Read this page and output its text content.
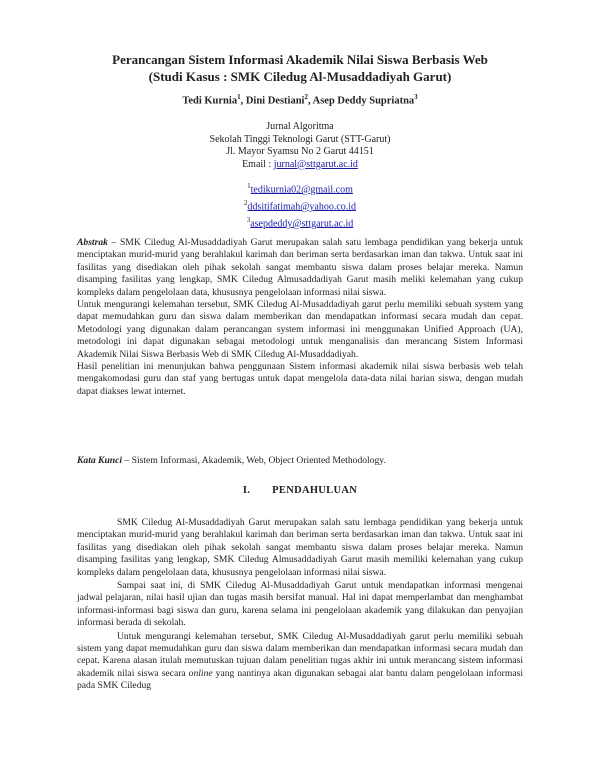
Perancangan Sistem Informasi Akademik Nilai Siswa Berbasis Web
(Studi Kasus : SMK Ciledug Al-Musaddadiyah Garut)
Tedi Kurnia$^1$, Dini Destiani$^2$, Asep Deddy Supriatna$^3$
Jurnal Algoritma
Sekolah Tinggi Teknologi Garut (STT-Garut)
Jl. Mayor Syamsu No 2 Garut 44151
Email : jurnal@sttgarut.ac.id
$^1$tedikurnia02@gmail.com
$^2$ddsitifatimah@yahoo.co.id
$^3$asepdeddy@sttgarut.ac.id

Abstrak – SMK Ciledug Al-Musaddadiyah Garut merupakan salah satu lembaga pendidikan yang bekerja untuk menciptakan murid-murid yang berahlakul karimah dan beriman serta berdasarkan iman dan takwa. Untuk saat ini fasilitas yang disediakan oleh pihak sekolah sangat membantu siswa dalam proses belajar mereka. Namun disamping fasilitas yang lengkap, SMK Ciledug Almusaddadiyah Garut masih meliki kelemahan yang cukup kompleks dalam pengelolaan data, khususnya pengelolaan informasi nilai siswa.

Untuk mengurangi kelemahan tersebut, SMK Ciledug Al-Musaddadiyah garut perlu memiliki sebuah system yang dapat memudahkan guru dan siswa dalam memberikan dan mendapatkan informasi secara mudah dan cepat. Metodologi yang digunakan dalam perancangan system informasi ini menggunakan Unified Approach (UA), metodologi ini dapat digunakan sebagai metodologi untuk menganalisis dan merancang Sistem Informasi Akademik Nilai Siswa Berbasis Web di SMK Ciledug Al-Musaddadiyah.

Hasil penelitian ini menunjukan bahwa penggunaan Sistem informasi akademik nilai siswa berbasis web telah mengakomodasi guru dan staf yang bertugas untuk dapat mengelola data-data nilai harian siswa, dengan mudah dapat diakses lewat internet.

Kata Kunci – Sistem Informasi, Akademik, Web, Object Oriented Methodology.
I. PENDAHULUAN

SMK Ciledug Al-Musaddadiyah Garut merupakan salah satu lembaga pendidikan yang bekerja untuk menciptakan murid-murid yang berahlakul karimah dan beriman serta berdasarkan iman dan takwa. Untuk saat ini fasilitas yang disediakan oleh pihak sekolah sangat membantu siswa dalam proses belajar mereka. Namun disamping fasilitas yang lengkap, SMK Ciledug Almusaddadiyah Garut masih memiliki kelemahan yang cukup kompleks dalam pengelolaan data, khususnya pengelolaan informasi nilai siswa.

Sampai saat ini, di SMK Ciledug Al-Musaddadiyah Garut untuk mendapatkan informasi mengenai jadwal pelajaran, nilai hasil ujian dan tugas masih bersifat manual. Hal ini dapat memperlambat dan menghambat informasi-informasi bagi siswa dan guru, karena selama ini pengelolaan akademik yang dilakukan dan penyajian informasi berada di sekolah.

Untuk mengurangi kelemahan tersebut, SMK Ciledug Al-Musaddadiyah garut perlu memiliki sebuah sistem yang dapat memudahkan guru dan siswa dalam memberikan dan mendapatkan informasi secara mudah dan cepat. Karena alasan itulah memutuskan tujuan dalam penelitian tugas akhir ini untuk merancang sistem informasi akademik nilai siswa secara online yang nantinya akan digunakan sebagai alat bantu dalam pengelolaan informasi pada SMK Ciledug
